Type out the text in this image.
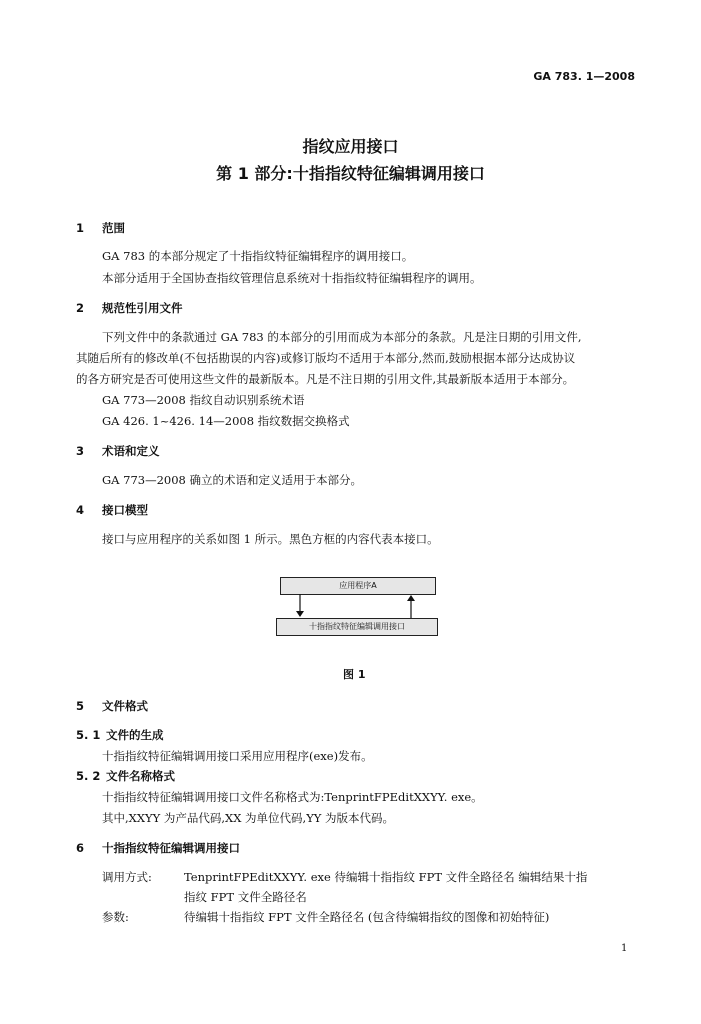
GA 783. 1—2008
指纹应用接口
第 1 部分:十指指纹特征编辑调用接口
1 范围
GA 783 的本部分规定了十指指纹特征编辑程序的调用接口。
本部分适用于全国协查指纹管理信息系统对十指指纹特征编辑程序的调用。
2 规范性引用文件
下列文件中的条款通过 GA 783 的本部分的引用而成为本部分的条款。凡是注日期的引用文件,
其随后所有的修改单(不包括勘误的内容)或修订版均不适用于本部分,然而,鼓励根据本部分达成协议
的各方研究是否可使用这些文件的最新版本。凡是不注日期的引用文件,其最新版本适用于本部分。
GA 773—2008 指纹自动识别系统术语
GA 426. 1~426. 14—2008 指纹数据交换格式
3 术语和定义
GA 773—2008 确立的术语和定义适用于本部分。
4 接口模型
接口与应用程序的关系如图 1 所示。黑色方框的内容代表本接口。
应用程序A
十指指纹特征编辑调用接口
图 1
5 文件格式
5. 1 文件的生成
十指指纹特征编辑调用接口采用应用程序(exe)发布。
5. 2 文件名称格式
十指指纹特征编辑调用接口文件名称格式为:TenprintFPEditXXYY. exe。
其中,XXYY 为产品代码,XX 为单位代码,YY 为版本代码。
6 十指指纹特征编辑调用接口
调用方式:	TenprintFPEditXXYY. exe 待编辑十指指纹 FPT 文件全路径名 编辑结果十指
指纹 FPT 文件全路径名
参数:	待编辑十指指纹 FPT 文件全路径名 (包含待编辑指纹的图像和初始特征)
1
